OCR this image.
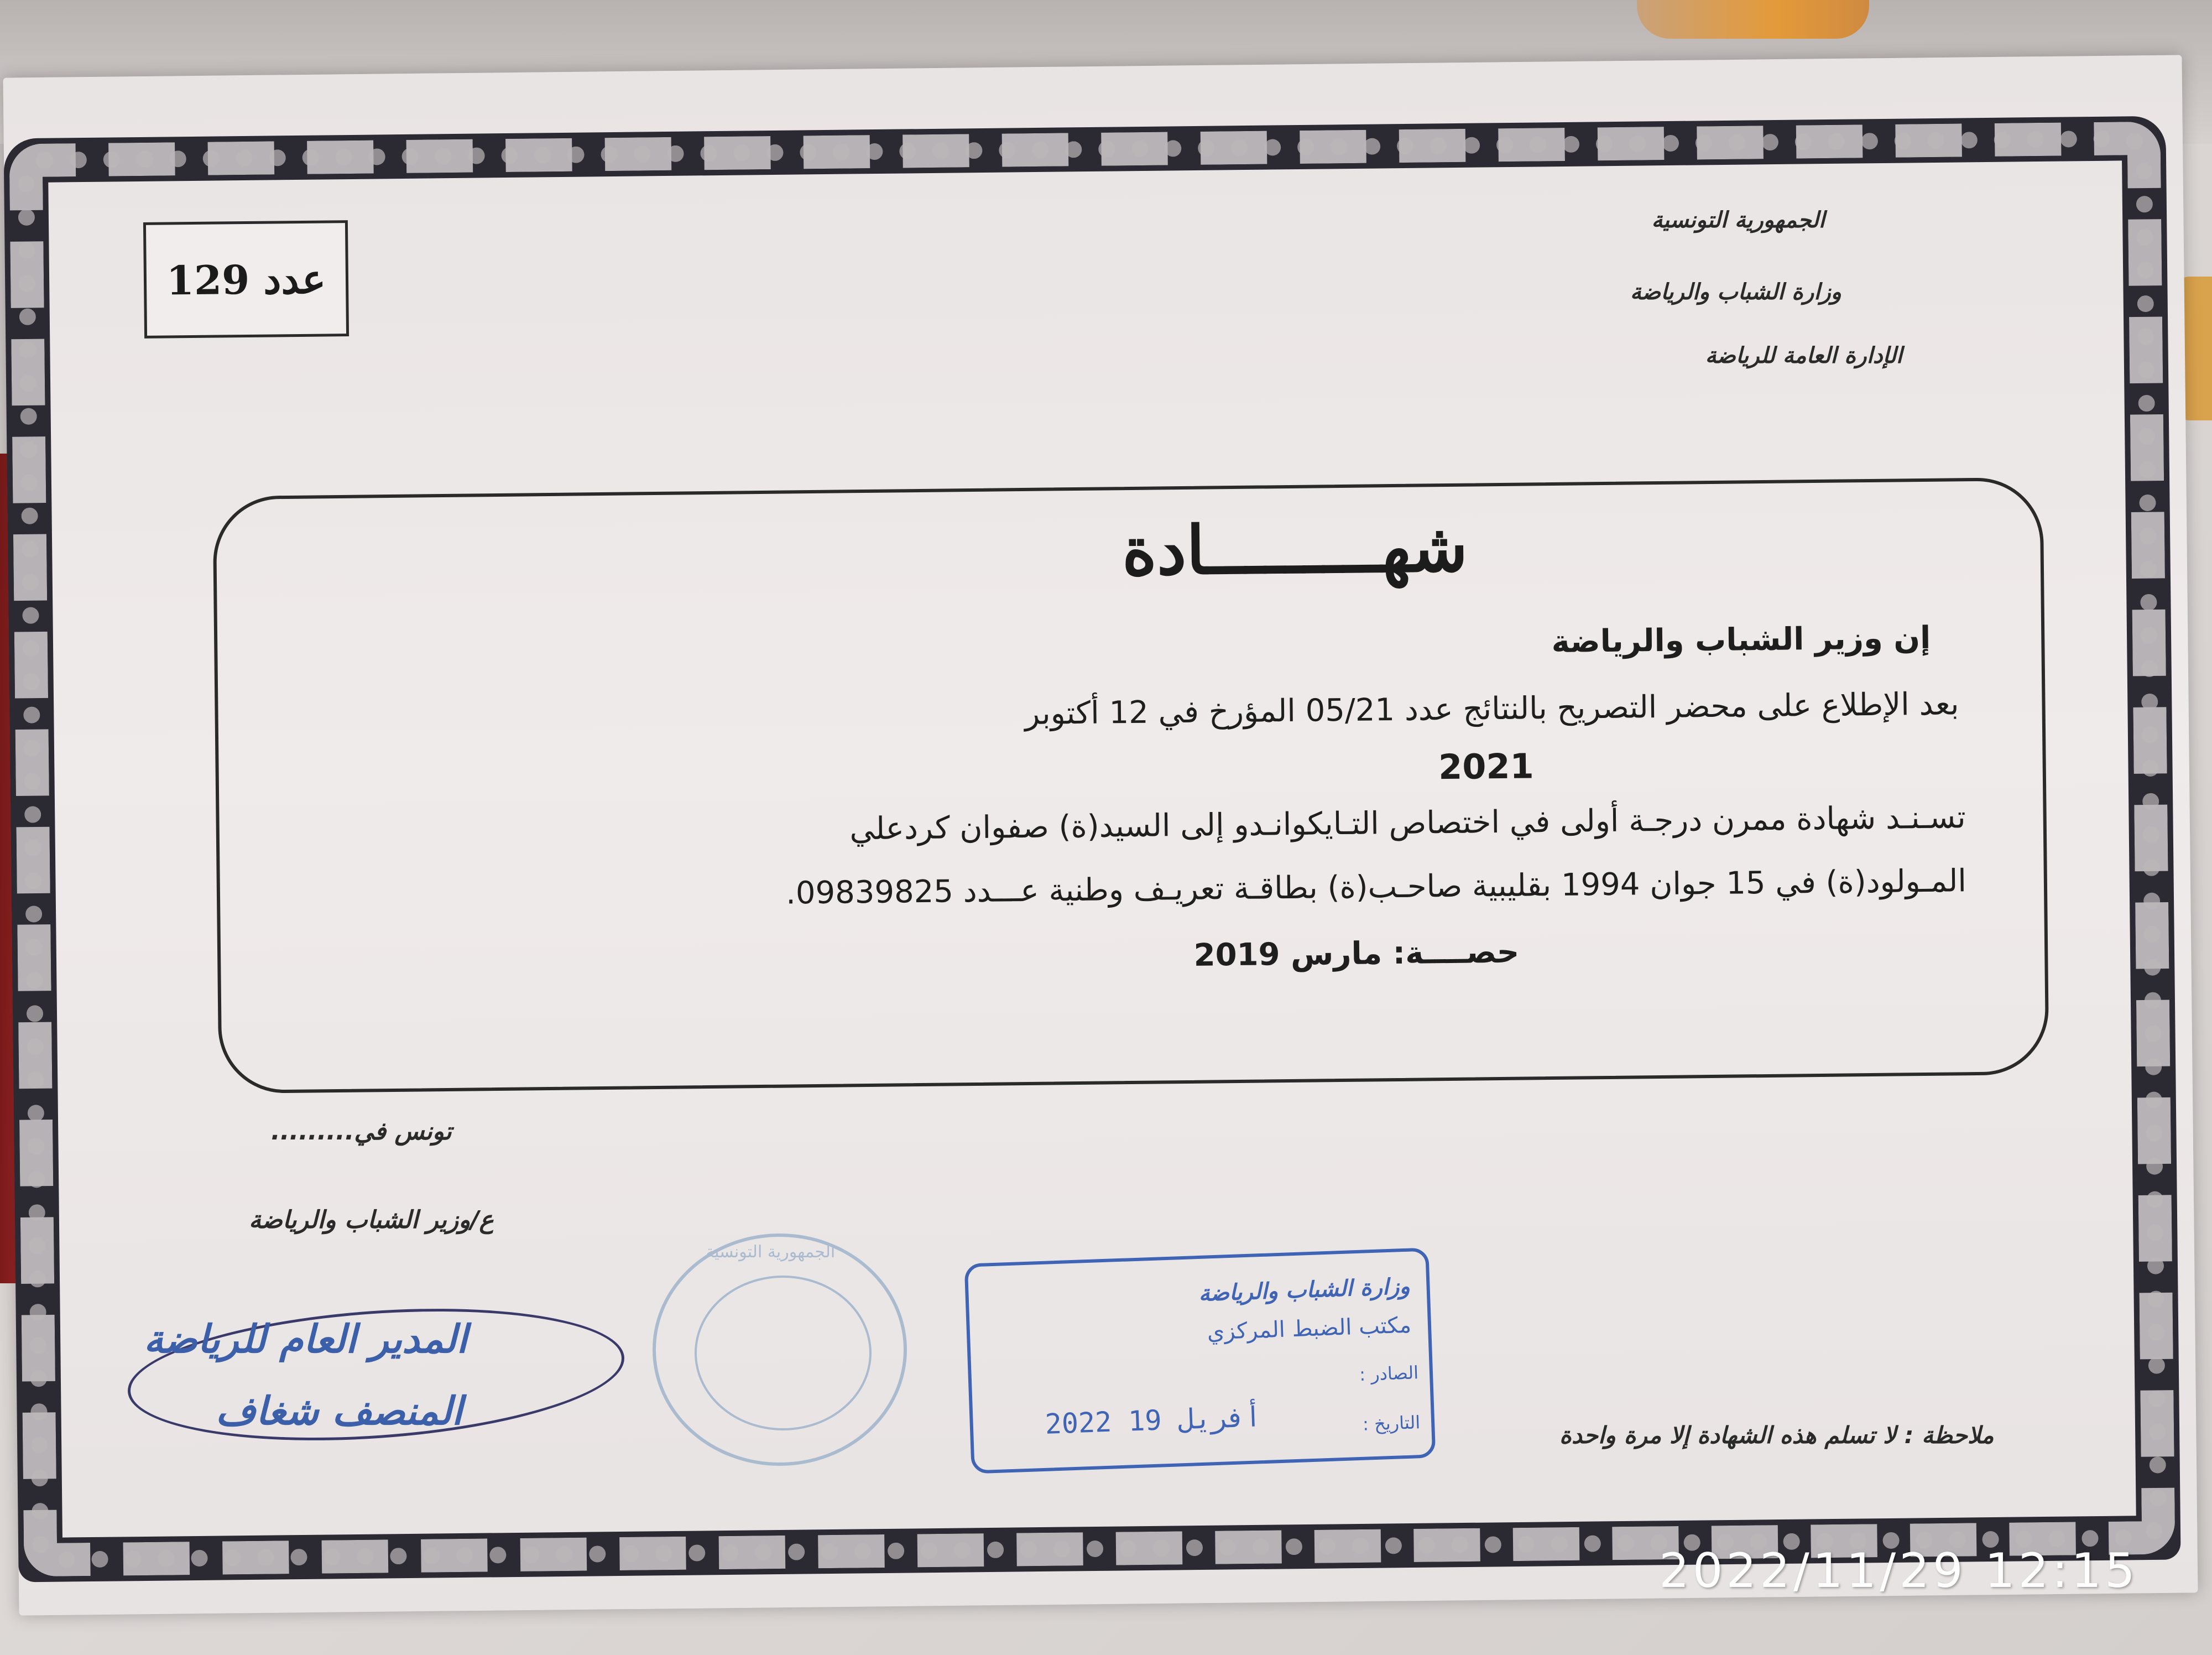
عدد 129
الجمهورية التونسية
وزارة الشباب والرياضة
الإدارة العامة للرياضة
شهـــــــــادة
إن وزير الشباب والرياضة
بعد الإطلاع على محضر التصريح بالنتائج عدد 05/21 المؤرخ في 12 أكتوبر
2021
تسـنـد شهادة ممرن درجـة أولى في اختصاص التـايكوانـدو إلى السيد(ة) صفوان كردعلي
المـولود(ة) في 15 جوان 1994 بقليبية صاحـب(ة) بطاقـة تعريـف وطنية عـــدد 09839825.
حصــــة: مارس 2019
تونس في.........
ع/وزير الشباب والرياضة
المدير العام للرياضة
المنصف شغاف
الجمهورية التونسية
وزارة الشباب والرياضة
مكتب الضبط المركزي
الصادر :
التاريخ :
2022 أفريل 19	ملاحظة : لا تسلم هذه الشهادة إلا مرة واحدة
2022/11/29 12:15
